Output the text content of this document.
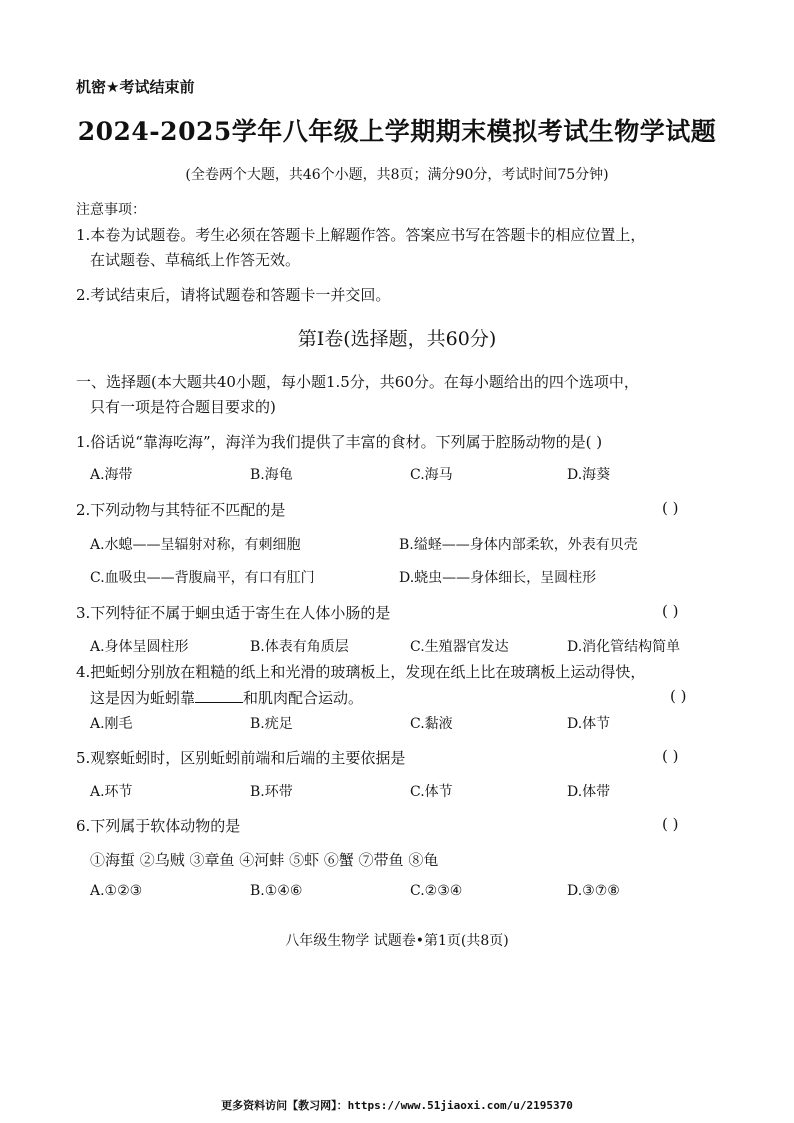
机密★考试结束前
2024-2025学年八年级上学期期末模拟考试生物学试题
(全卷两个大题，共46个小题，共8页；满分90分，考试时间75分钟)
注意事项：
1.本卷为试题卷。考生必须在答题卡上解题作答。答案应书写在答题卡的相应位置上，
在试题卷、草稿纸上作答无效。
2.考试结束后，请将试题卷和答题卡一并交回。
第Ⅰ卷(选择题，共60分)
一、选择题(本大题共40小题，每小题1.5分，共60分。在每小题给出的四个选项中，
只有一项是符合题目要求的)
1.俗话说“靠海吃海”，海洋为我们提供了丰富的食材。下列属于腔肠动物的是( )
A.海带	B.海龟	C.海马	D.海葵
2.下列动物与其特征不匹配的是	( )
A.水螅——呈辐射对称，有刺细胞	B.缢蛏——身体内部柔软，外表有贝壳
C.血吸虫——背腹扁平，有口有肛门	D.蛲虫——身体细长，呈圆柱形
3.下列特征不属于蛔虫适于寄生在人体小肠的是	( )
A.身体呈圆柱形	B.体表有角质层	C.生殖器官发达	D.消化管结构简单
4.把蚯蚓分别放在粗糙的纸上和光滑的玻璃板上，发现在纸上比在玻璃板上运动得快，
这是因为蚯蚓靠	和肌肉配合运动。	( )
A.刚毛	B.疣足	C.黏液	D.体节
5.观察蚯蚓时，区别蚯蚓前端和后端的主要依据是	( )
A.环节	B.环带	C.体节	D.体带
6.下列属于软体动物的是	( )
①海蜇 ②乌贼 ③章鱼 ④河蚌 ⑤虾 ⑥蟹 ⑦带鱼 ⑧龟
A.①②③	B.①④⑥	C.②③④	D.③⑦⑧
八年级生物学 试题卷•第1页(共8页)
更多资料访问【教习网】：https://www.51jiaoxi.com/u/2195370
